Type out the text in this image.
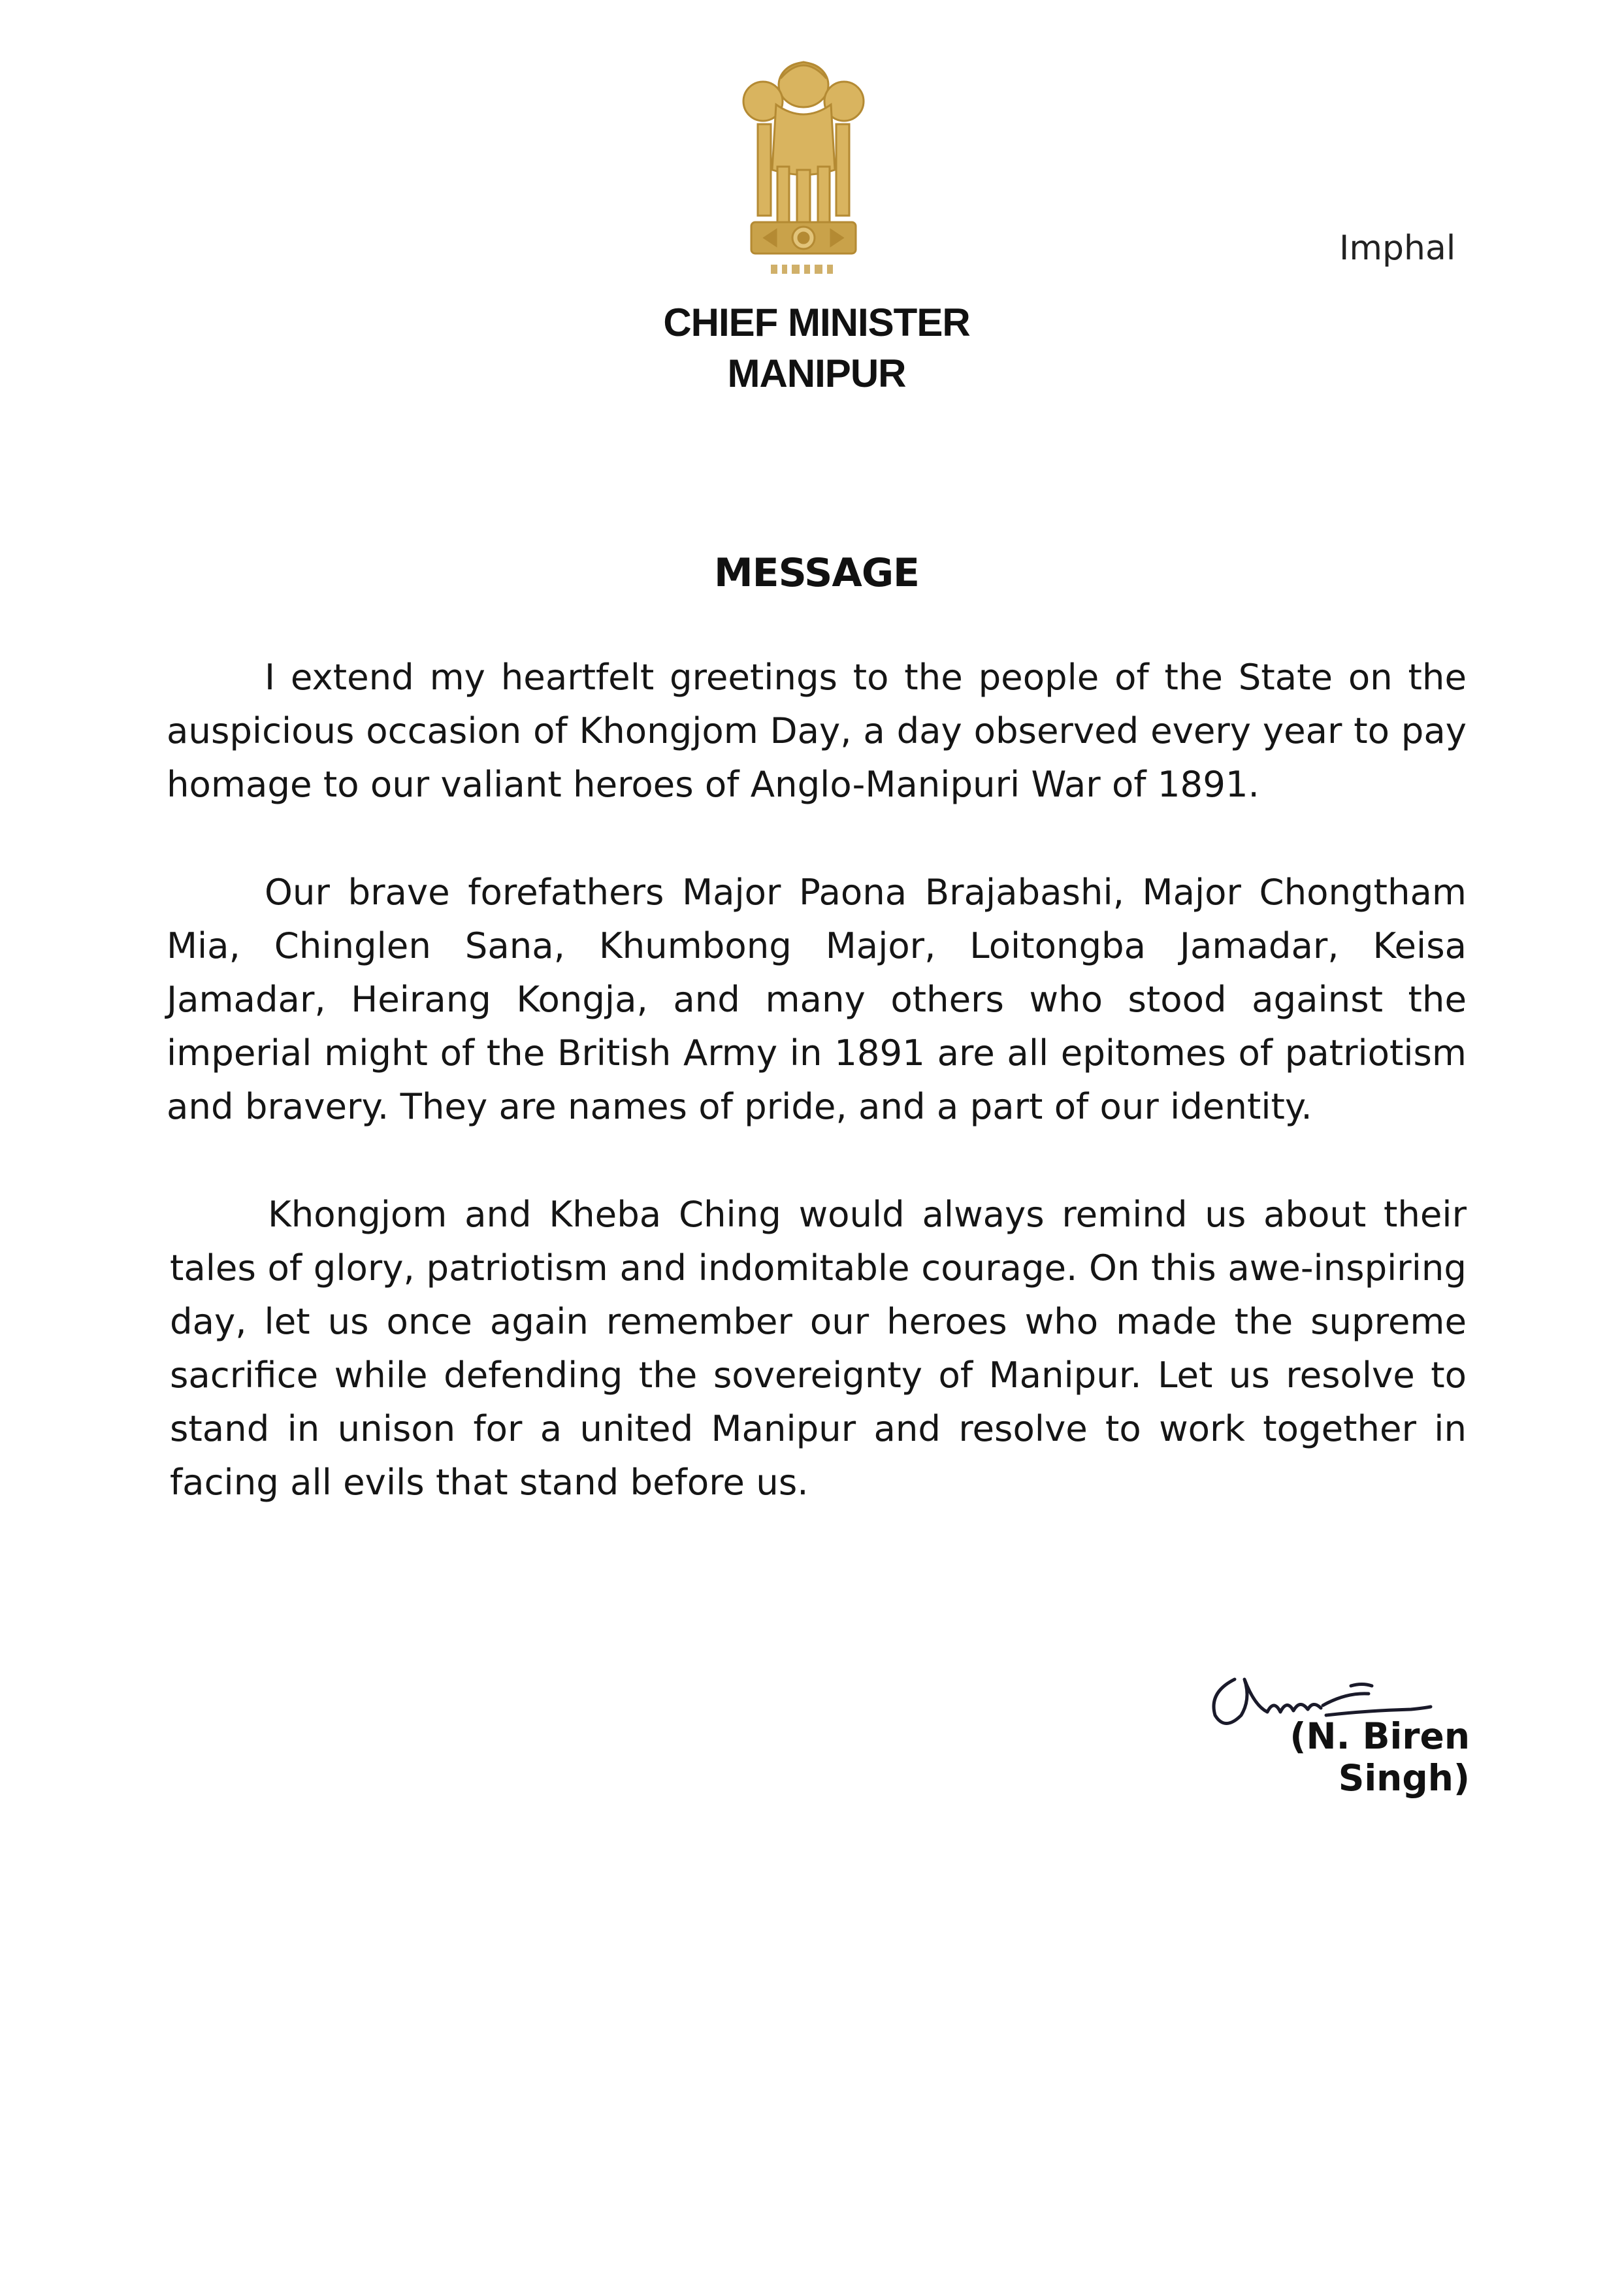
Imphal
CHIEF MINISTER
MANIPUR
MESSAGE

I extend my heartfelt greetings to the people of the State on the auspicious occasion of Khongjom Day, a day observed every year to pay homage to our valiant heroes of Anglo-Manipuri War of 1891.

Our brave forefathers Major Paona Brajabashi, Major Chongtham Mia, Chinglen Sana, Khumbong Major, Loitongba Jamadar, Keisa Jamadar, Heirang Kongja, and many others who stood against the imperial might of the British Army in 1891 are all epitomes of patriotism and bravery. They are names of pride, and a part of our identity.

Khongjom and Kheba Ching would always remind us about their tales of glory, patriotism and indomitable courage. On this awe-inspiring day, let us once again remember our heroes who made the supreme sacrifice while defending the sovereignty of Manipur. Let us resolve to stand in unison for a united Manipur and resolve to work together in facing all evils that stand before us.

(N. Biren Singh)
